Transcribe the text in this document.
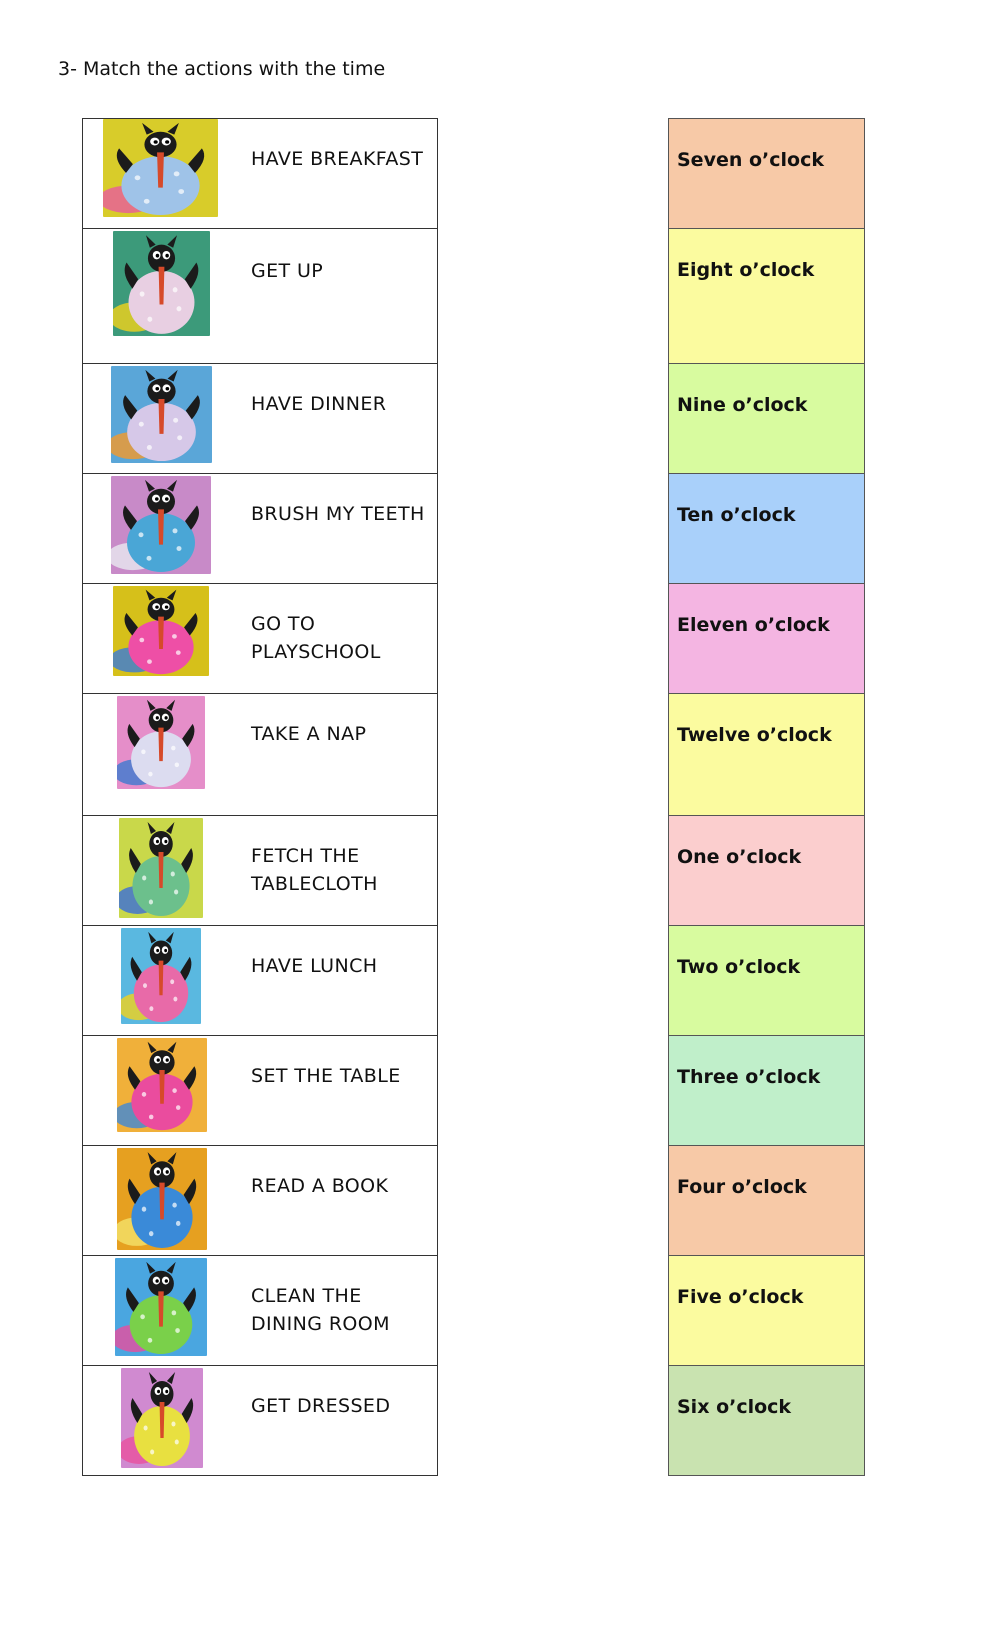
3- Match the actions with the time
HAVE BREAKFAST
GET UP
HAVE DINNER
BRUSH MY TEETH
GO TO PLAYSCHOOL
TAKE A NAP
FETCH THE TABLECLOTH
HAVE LUNCH
SET THE TABLE
READ A BOOK
CLEAN THE DINING ROOM
GET DRESSED
Seven o’clock
Eight o’clock
Nine o’clock
Ten o’clock
Eleven o’clock
Twelve o’clock
One o’clock
Two o’clock
Three o’clock
Four o’clock
Five o’clock
Six o’clock
